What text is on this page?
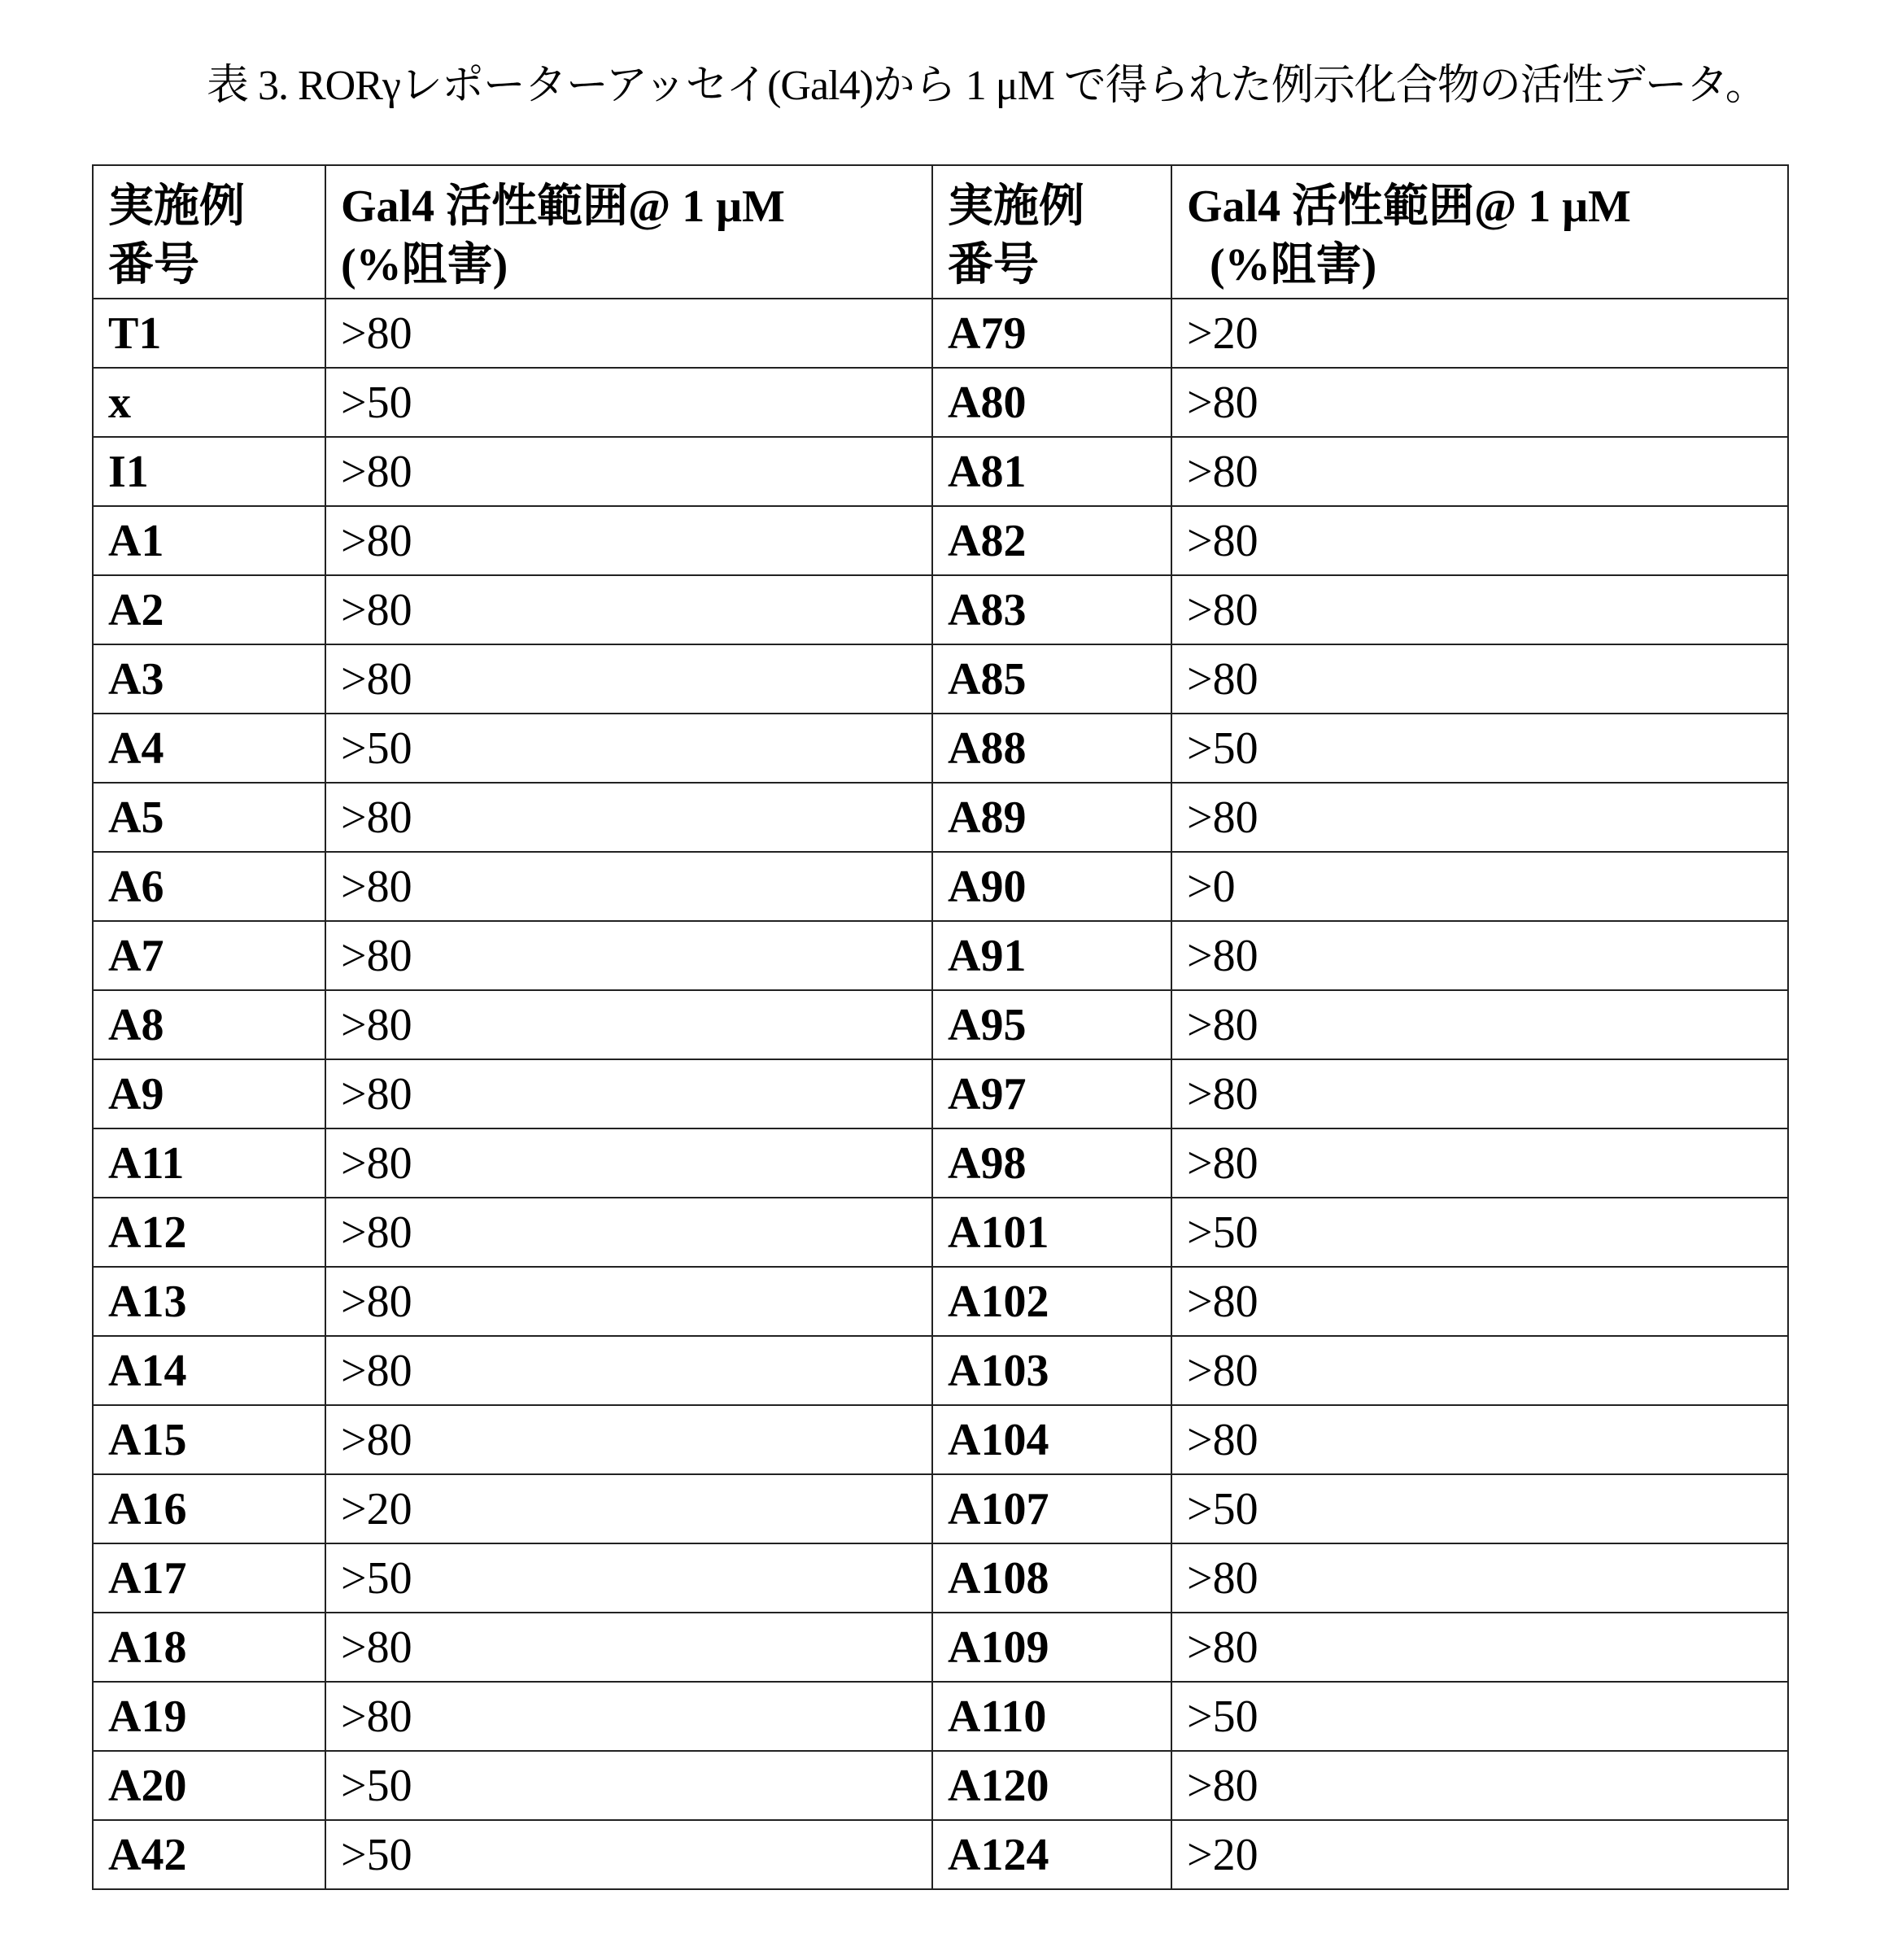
表 3. RORγレポーターアッセイ(Gal4)から 1 μM で得られた例示化合物の活性データ。
実施例
番号
	Gal4 活性範囲@ 1 μM
(%阻害)
	実施例
番号
	Gal4 活性範囲@ 1 μM
(%阻害)

T1	>80	A79	>20
x	>50	A80	>80
I1	>80	A81	>80
A1	>80	A82	>80
A2	>80	A83	>80
A3	>80	A85	>80
A4	>50	A88	>50
A5	>80	A89	>80
A6	>80	A90	>0
A7	>80	A91	>80
A8	>80	A95	>80
A9	>80	A97	>80
A11	>80	A98	>80
A12	>80	A101	>50
A13	>80	A102	>80
A14	>80	A103	>80
A15	>80	A104	>80
A16	>20	A107	>50
A17	>50	A108	>80
A18	>80	A109	>80
A19	>80	A110	>50
A20	>50	A120	>80
A42	>50	A124	>20
